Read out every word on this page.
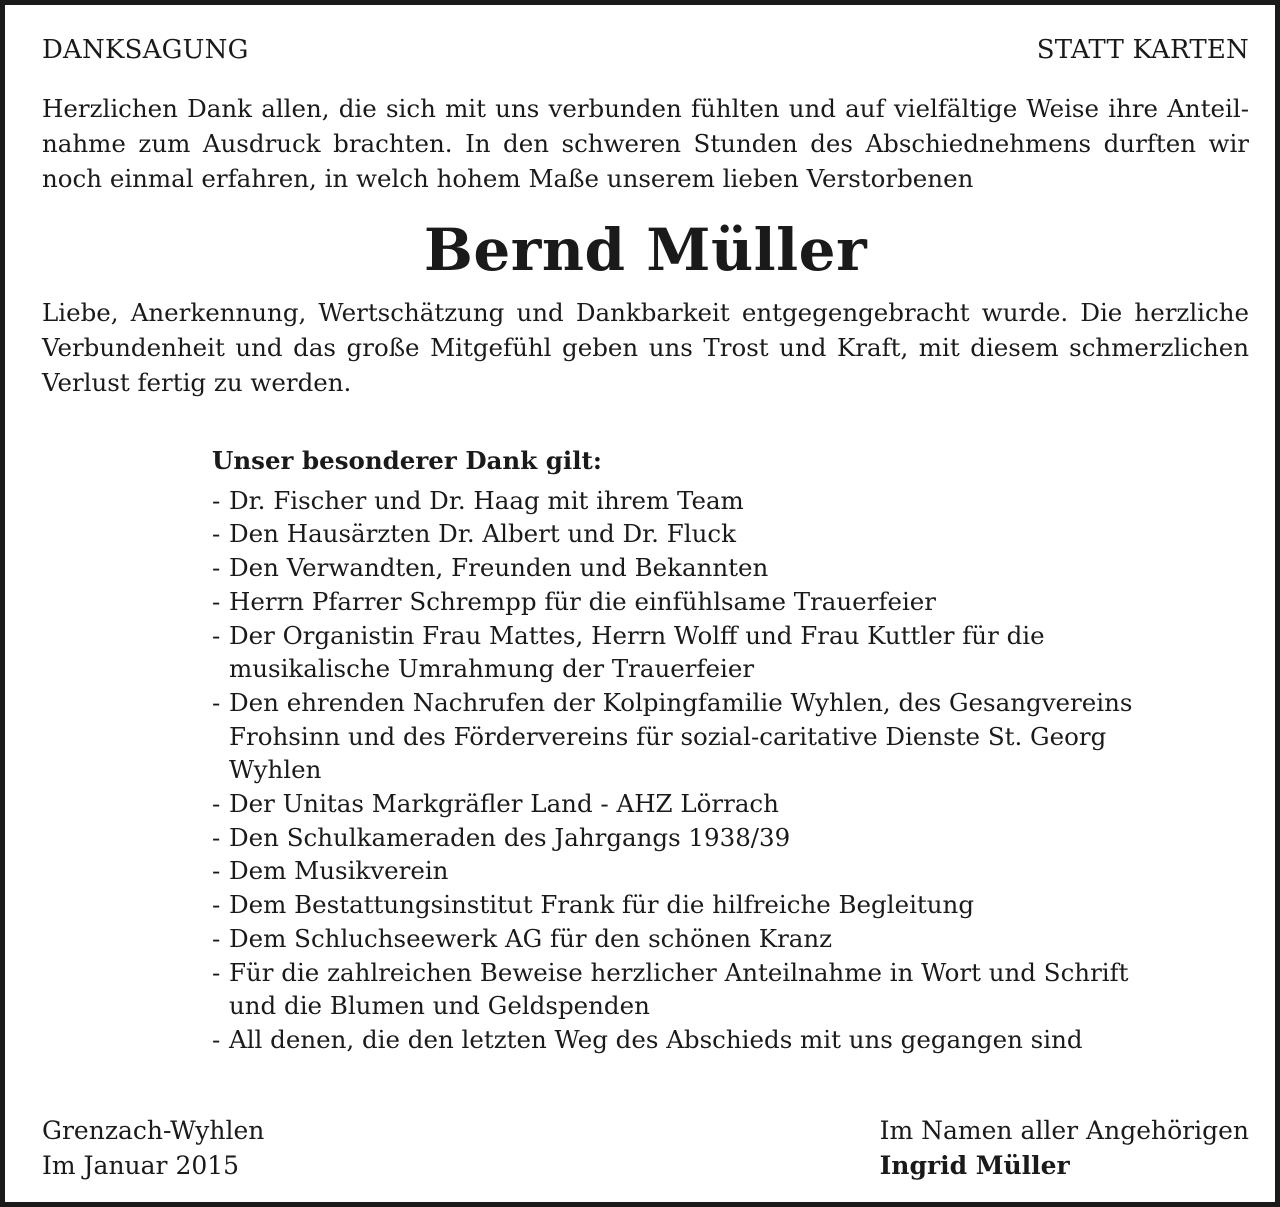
DANKSAGUNG	STATT KARTEN

Herzlichen Dank allen, die sich mit uns verbunden fühlten und auf vielfältige Weise ihre Anteilnahme zum Ausdruck brachten. In den schweren Stunden des Abschiednehmens durften wir noch einmal erfahren, in welch hohem Maße unserem lieben Verstorbenen

Bernd Müller

Liebe, Anerkennung, Wertschätzung und Dankbarkeit entgegengebracht wurde. Die herzliche Verbundenheit und das große Mitgefühl geben uns Trost und Kraft, mit diesem schmerzlichen Verlust fertig zu werden.

Unser besonderer Dank gilt:
- Dr. Fischer und Dr. Haag mit ihrem Team
- Den Hausärzten Dr. Albert und Dr. Fluck
- Den Verwandten, Freunden und Bekannten
- Herrn Pfarrer Schrempp für die einfühlsame Trauerfeier
- Der Organistin Frau Mattes, Herrn Wolff und Frau Kuttler für die musikalische Umrahmung der Trauerfeier
- Den ehrenden Nachrufen der Kolpingfamilie Wyhlen, des Gesangvereins Frohsinn und des Fördervereins für sozial-caritative Dienste St. Georg Wyhlen
- Der Unitas Markgräfler Land - AHZ Lörrach
- Den Schulkameraden des Jahrgangs 1938/39
- Dem Musikverein
- Dem Bestattungsinstitut Frank für die hilfreiche Begleitung
- Dem Schluchseewerk AG für den schönen Kranz
- Für die zahlreichen Beweise herzlicher Anteilnahme in Wort und Schrift und die Blumen und Geldspenden
- All denen, die den letzten Weg des Abschieds mit uns gegangen sind
Grenzach-Wyhlen
Im Januar 2015
Im Namen aller Angehörigen
Ingrid Müller
